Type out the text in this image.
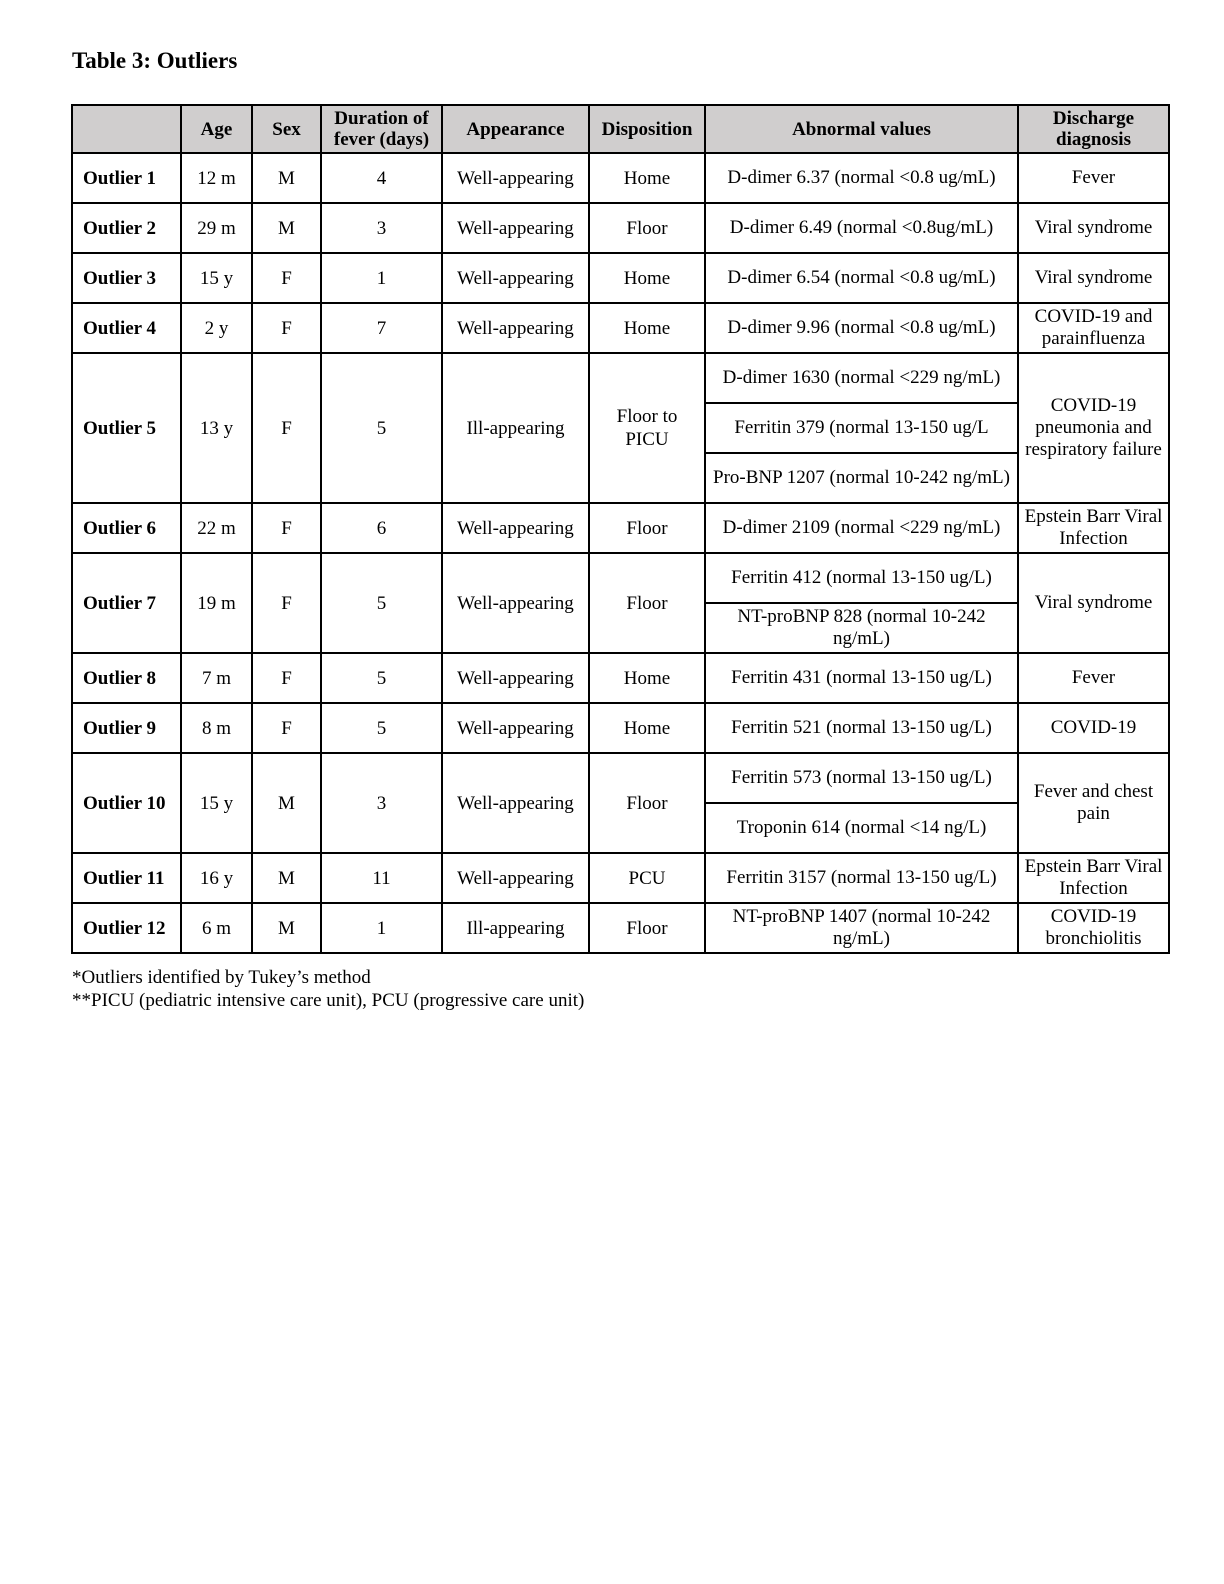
Table 3: Outliers
	Age	Sex	Duration of fever (days)	Appearance	Disposition	Abnormal values	Discharge diagnosis
Outlier 1	12 m	M	4	Well-appearing	Home	D-dimer 6.37 (normal <0.8 ug/mL)	Fever
Outlier 2	29 m	M	3	Well-appearing	Floor	D-dimer 6.49 (normal <0.8ug/mL)	Viral syndrome
Outlier 3	15 y	F	1	Well-appearing	Home	D-dimer 6.54 (normal <0.8 ug/mL)	Viral syndrome
Outlier 4	2 y	F	7	Well-appearing	Home	D-dimer 9.96 (normal <0.8 ug/mL)	COVID-19 and parainfluenza
Outlier 5	13 y	F	5	Ill-appearing	Floor to PICU	D-dimer 1630 (normal <229 ng/mL)	COVID-19 pneumonia and respiratory failure
						Ferritin 379 (normal 13-150 ug/L	
						Pro-BNP 1207 (normal 10-242 ng/mL)	
Outlier 6	22 m	F	6	Well-appearing	Floor	D-dimer 2109 (normal <229 ng/mL)	Epstein Barr Viral Infection
Outlier 7	19 m	F	5	Well-appearing	Floor	Ferritin 412 (normal 13-150 ug/L)	Viral syndrome
						NT-proBNP 828 (normal 10-242 ng/mL)	
Outlier 8	7 m	F	5	Well-appearing	Home	Ferritin 431 (normal 13-150 ug/L)	Fever
Outlier 9	8 m	F	5	Well-appearing	Home	Ferritin 521 (normal 13-150 ug/L)	COVID-19
Outlier 10	15 y	M	3	Well-appearing	Floor	Ferritin 573 (normal 13-150 ug/L)	Fever and chest pain
						Troponin 614 (normal <14 ng/L)	
Outlier 11	16 y	M	11	Well-appearing	PCU	Ferritin 3157 (normal 13-150 ug/L)	Epstein Barr Viral Infection
Outlier 12	6 m	M	1	Ill-appearing	Floor	NT-proBNP 1407 (normal 10-242 ng/mL)	COVID-19 bronchiolitis
*Outliers identified by Tukey’s method
**PICU (pediatric intensive care unit), PCU (progressive care unit)
